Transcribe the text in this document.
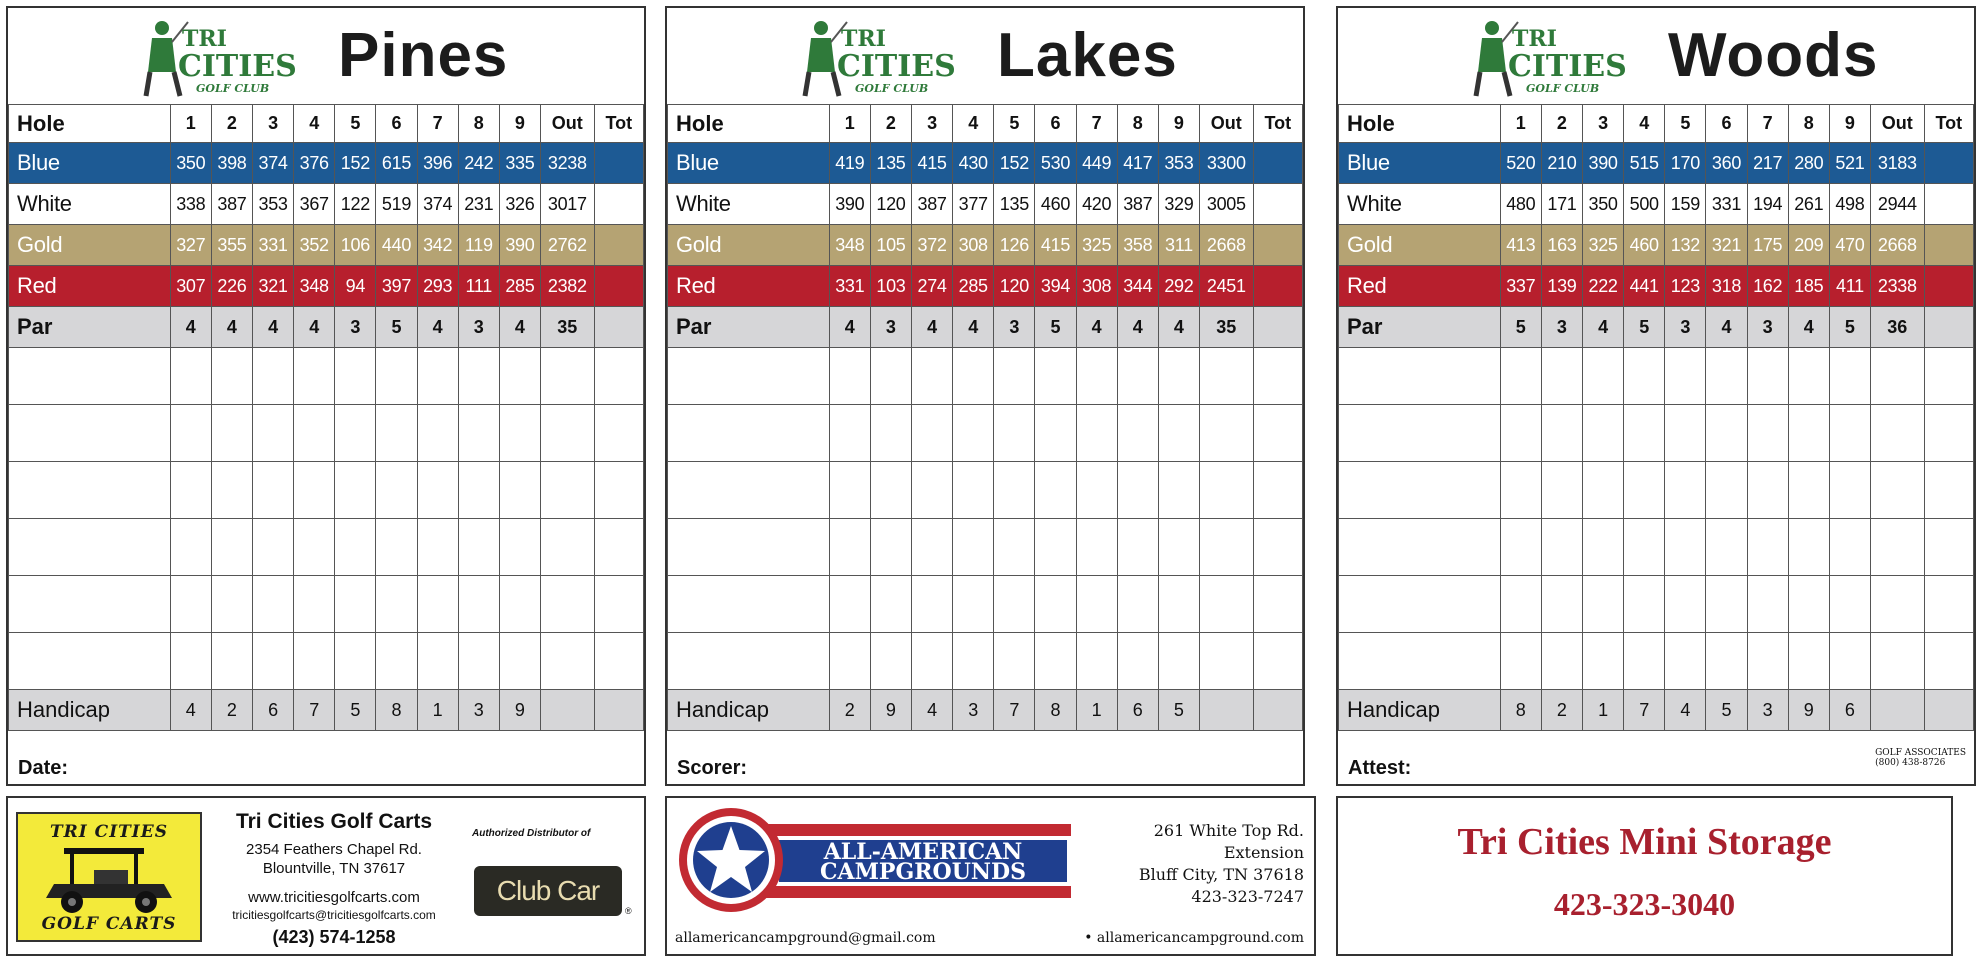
TRI
CITIES
GOLF CLUB Pines
Hole	1	2	3	4	5	6	7	8	9	Out	Tot
Blue	350	398	374	376	152	615	396	242	335	3238	
White	338	387	353	367	122	519	374	231	326	3017	
Gold	327	355	331	352	106	440	342	119	390	2762	
Red	307	226	321	348	94	397	293	111	285	2382	
Par	4	4	4	4	3	5	4	3	4	35	

Handicap	4	2	6	7	5	8	1	3	9		
Date:
TRI
CITIES
GOLF CLUB Lakes
Hole	1	2	3	4	5	6	7	8	9	Out	Tot
Blue	419	135	415	430	152	530	449	417	353	3300	
White	390	120	387	377	135	460	420	387	329	3005	
Gold	348	105	372	308	126	415	325	358	311	2668	
Red	331	103	274	285	120	394	308	344	292	2451	
Par	4	3	4	4	3	5	4	4	4	35	

Handicap	2	9	4	3	7	8	1	6	5		
Scorer:
TRI
CITIES
GOLF CLUB Woods
Hole	1	2	3	4	5	6	7	8	9	Out	Tot
Blue	520	210	390	515	170	360	217	280	521	3183	
White	480	171	350	500	159	331	194	261	498	2944	
Gold	413	163	325	460	132	321	175	209	470	2668	
Red	337	139	222	441	123	318	162	185	411	2338	
Par	5	3	4	5	3	4	3	4	5	36	

Handicap	8	2	1	7	4	5	3	9	6		
Attest:
GOLF ASSOCIATES
(800) 438-8726
TRI CITIES
GOLF CARTS
Tri Cities Golf Carts
2354 Feathers Chapel Rd.
Blountville, TN 37617
www.tricitiesgolfcarts.com
tricitiesgolfcarts@tricitiesgolfcarts.com
(423) 574-1258
Authorized Distributor of
Club Car
®
ALL-AMERICAN
CAMPGROUNDS
261 White Top Rd.
Extension
Bluff City, TN 37618
423-323-7247
allamericancampground@gmail.com	• allamericancampground.com
Tri Cities Mini Storage
423-323-3040
